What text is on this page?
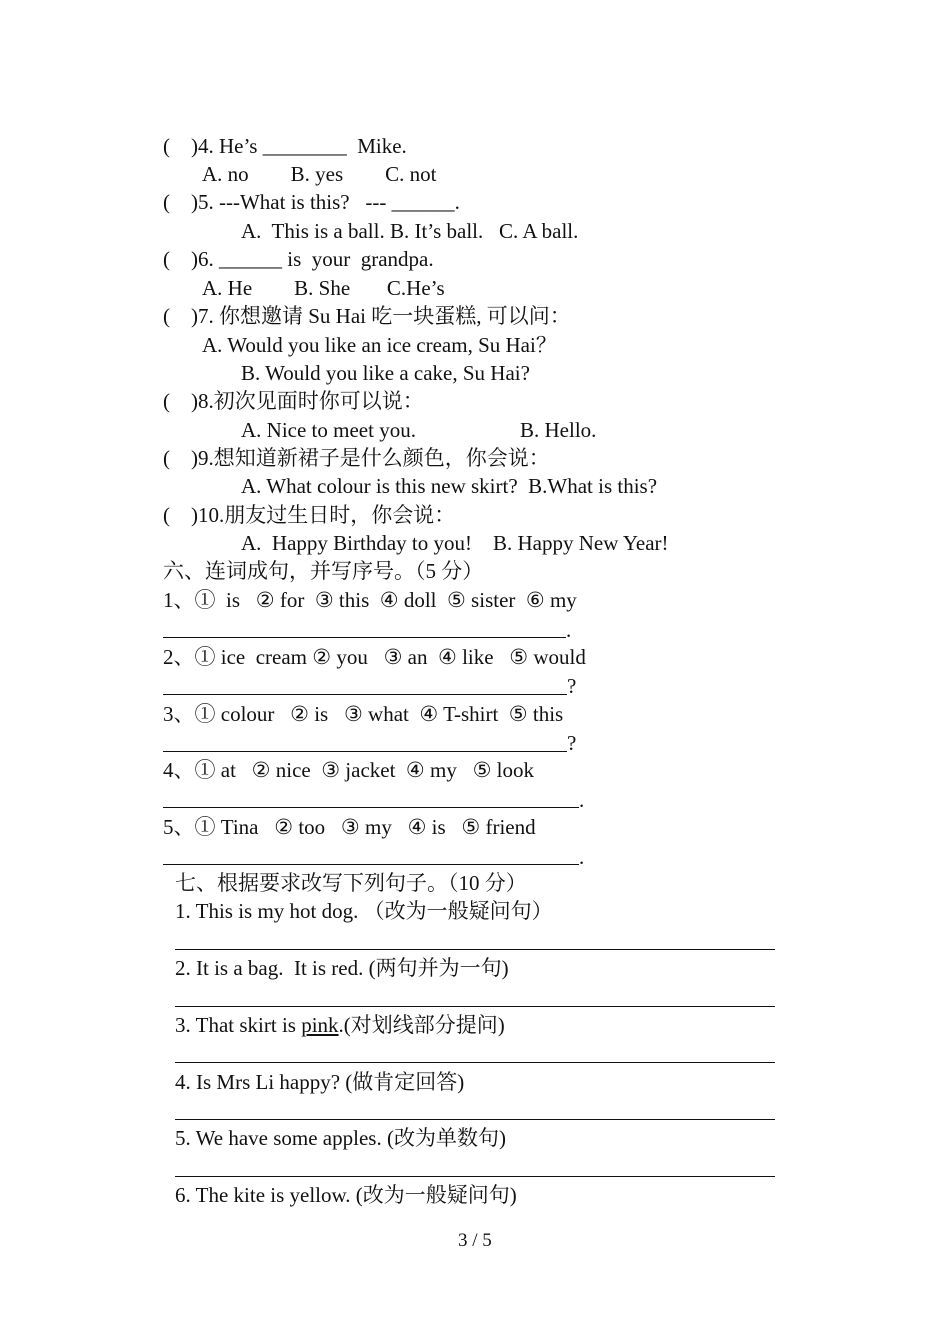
(    )4. He’s ________  Mike.
A. no        B. yes        C. not
(    )5. ---What is this?   --- ______.
A.  This is a ball. B. It’s ball.   C. A ball.
(    )6. ______ is  your  grandpa.
A. He        B. She       C.He’s
(    )7. 你想邀请 Su Hai 吃一块蛋糕, 可以问：
A. Would you like an ice cream, Su Hai？
B. Would you like a cake, Su Hai?
(    )8.初次见面时你可以说：
A. Nice to meet you.	B. Hello.
(    )9.想知道新裙子是什么颜色，你会说：
A. What colour is this new skirt?  B.What is this?
(    )10.朋友过生日时，你会说：
A.  Happy Birthday to you!    B. Happy New Year!
六、连词成句，并写序号。（5 分）
1、①  is   ② for  ③ this  ④ doll  ⑤ sister  ⑥ my
.
2、① ice  cream ② you   ③ an  ④ like   ⑤ would
?
3、① colour   ② is   ③ what  ④ T-shirt  ⑤ this
?
4、① at   ② nice  ③ jacket  ④ my   ⑤ look
.
5、① Tina   ② too   ③ my   ④ is   ⑤ friend
.
七、根据要求改写下列句子。（10 分）
1. This is my hot dog. （改为一般疑问句）
2. It is a bag.  It is red. (两句并为一句)
3. That skirt is pink.(对划线部分提问)
4. Is Mrs Li happy? (做肯定回答)
5. We have some apples. (改为单数句)
6. The kite is yellow. (改为一般疑问句)
3 / 5
